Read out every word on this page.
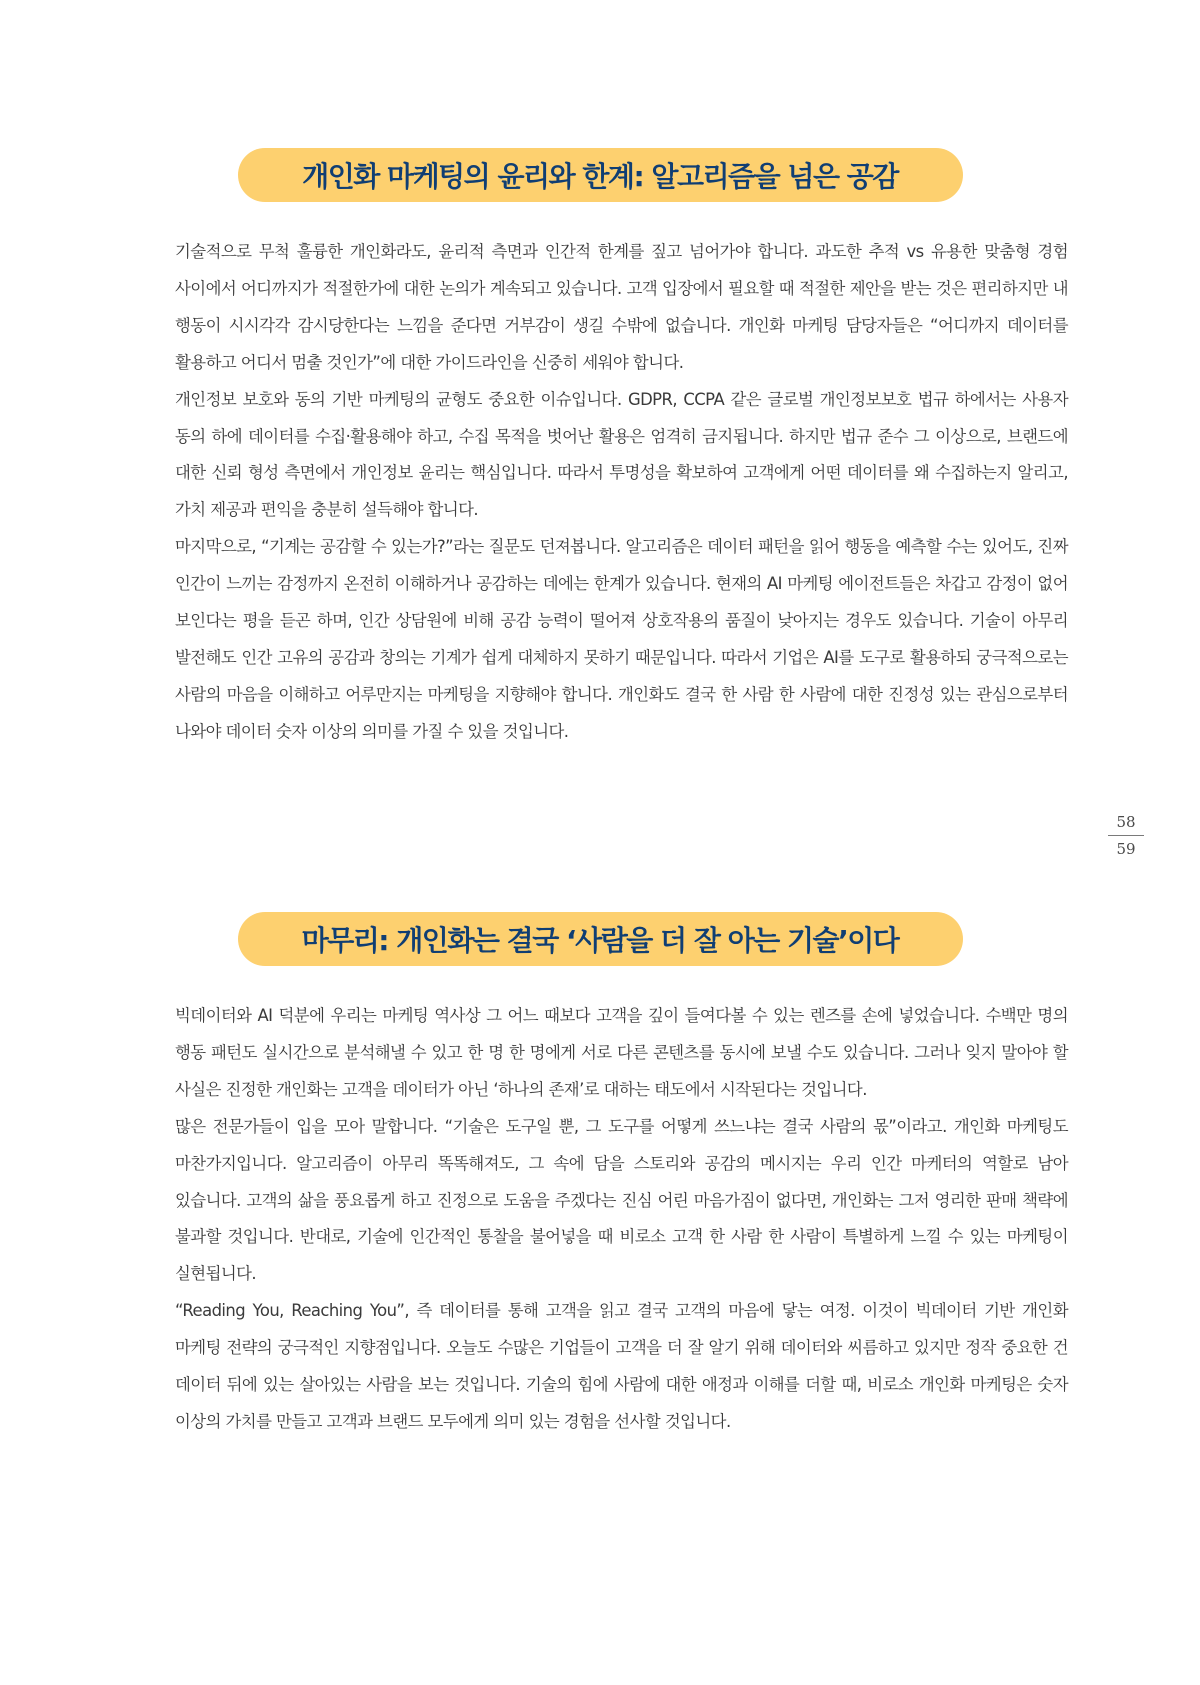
개인화 마케팅의 윤리와 한계: 알고리즘을 넘은 공감

기술적으로 무척 훌륭한 개인화라도, 윤리적 측면과 인간적 한계를 짚고 넘어가야 합니다. 과도한 추적 vs 유용한 맞춤형 경험 사이에서 어디까지가 적절한가에 대한 논의가 계속되고 있습니다. 고객 입장에서 필요할 때 적절한 제안을 받는 것은 편리하지만 내 행동이 시시각각 감시당한다는 느낌을 준다면 거부감이 생길 수밖에 없습니다. 개인화 마케팅 담당자들은 “어디까지 데이터를 활용하고 어디서 멈출 것인가”에 대한 가이드라인을 신중히 세워야 합니다.

개인정보 보호와 동의 기반 마케팅의 균형도 중요한 이슈입니다. GDPR, CCPA 같은 글로벌 개인정보보호 법규 하에서는 사용자 동의 하에 데이터를 수집·활용해야 하고, 수집 목적을 벗어난 활용은 엄격히 금지됩니다. 하지만 법규 준수 그 이상으로, 브랜드에 대한 신뢰 형성 측면에서 개인정보 윤리는 핵심입니다. 따라서 투명성을 확보하여 고객에게 어떤 데이터를 왜 수집하는지 알리고, 가치 제공과 편익을 충분히 설득해야 합니다.

마지막으로, “기계는 공감할 수 있는가?”라는 질문도 던져봅니다. 알고리즘은 데이터 패턴을 읽어 행동을 예측할 수는 있어도, 진짜 인간이 느끼는 감정까지 온전히 이해하거나 공감하는 데에는 한계가 있습니다. 현재의 AI 마케팅 에이전트들은 차갑고 감정이 없어 보인다는 평을 듣곤 하며, 인간 상담원에 비해 공감 능력이 떨어져 상호작용의 품질이 낮아지는 경우도 있습니다. 기술이 아무리 발전해도 인간 고유의 공감과 창의는 기계가 쉽게 대체하지 못하기 때문입니다. 따라서 기업은 AI를 도구로 활용하되 궁극적으로는 사람의 마음을 이해하고 어루만지는 마케팅을 지향해야 합니다. 개인화도 결국 한 사람 한 사람에 대한 진정성 있는 관심으로부터 나와야 데이터 숫자 이상의 의미를 가질 수 있을 것입니다.

58
59
마무리: 개인화는 결국 ‘사람을 더 잘 아는 기술’이다

빅데이터와 AI 덕분에 우리는 마케팅 역사상 그 어느 때보다 고객을 깊이 들여다볼 수 있는 렌즈를 손에 넣었습니다. 수백만 명의 행동 패턴도 실시간으로 분석해낼 수 있고 한 명 한 명에게 서로 다른 콘텐츠를 동시에 보낼 수도 있습니다. 그러나 잊지 말아야 할 사실은 진정한 개인화는 고객을 데이터가 아닌 ‘하나의 존재’로 대하는 태도에서 시작된다는 것입니다.

많은 전문가들이 입을 모아 말합니다. “기술은 도구일 뿐, 그 도구를 어떻게 쓰느냐는 결국 사람의 몫”이라고. 개인화 마케팅도 마찬가지입니다. 알고리즘이 아무리 똑똑해져도, 그 속에 담을 스토리와 공감의 메시지는 우리 인간 마케터의 역할로 남아 있습니다. 고객의 삶을 풍요롭게 하고 진정으로 도움을 주겠다는 진심 어린 마음가짐이 없다면, 개인화는 그저 영리한 판매 책략에 불과할 것입니다. 반대로, 기술에 인간적인 통찰을 불어넣을 때 비로소 고객 한 사람 한 사람이 특별하게 느낄 수 있는 마케팅이 실현됩니다.

“Reading You, Reaching You”, 즉 데이터를 통해 고객을 읽고 결국 고객의 마음에 닿는 여정. 이것이 빅데이터 기반 개인화 마케팅 전략의 궁극적인 지향점입니다. 오늘도 수많은 기업들이 고객을 더 잘 알기 위해 데이터와 씨름하고 있지만 정작 중요한 건 데이터 뒤에 있는 살아있는 사람을 보는 것입니다. 기술의 힘에 사람에 대한 애정과 이해를 더할 때, 비로소 개인화 마케팅은 숫자 이상의 가치를 만들고 고객과 브랜드 모두에게 의미 있는 경험을 선사할 것입니다.
